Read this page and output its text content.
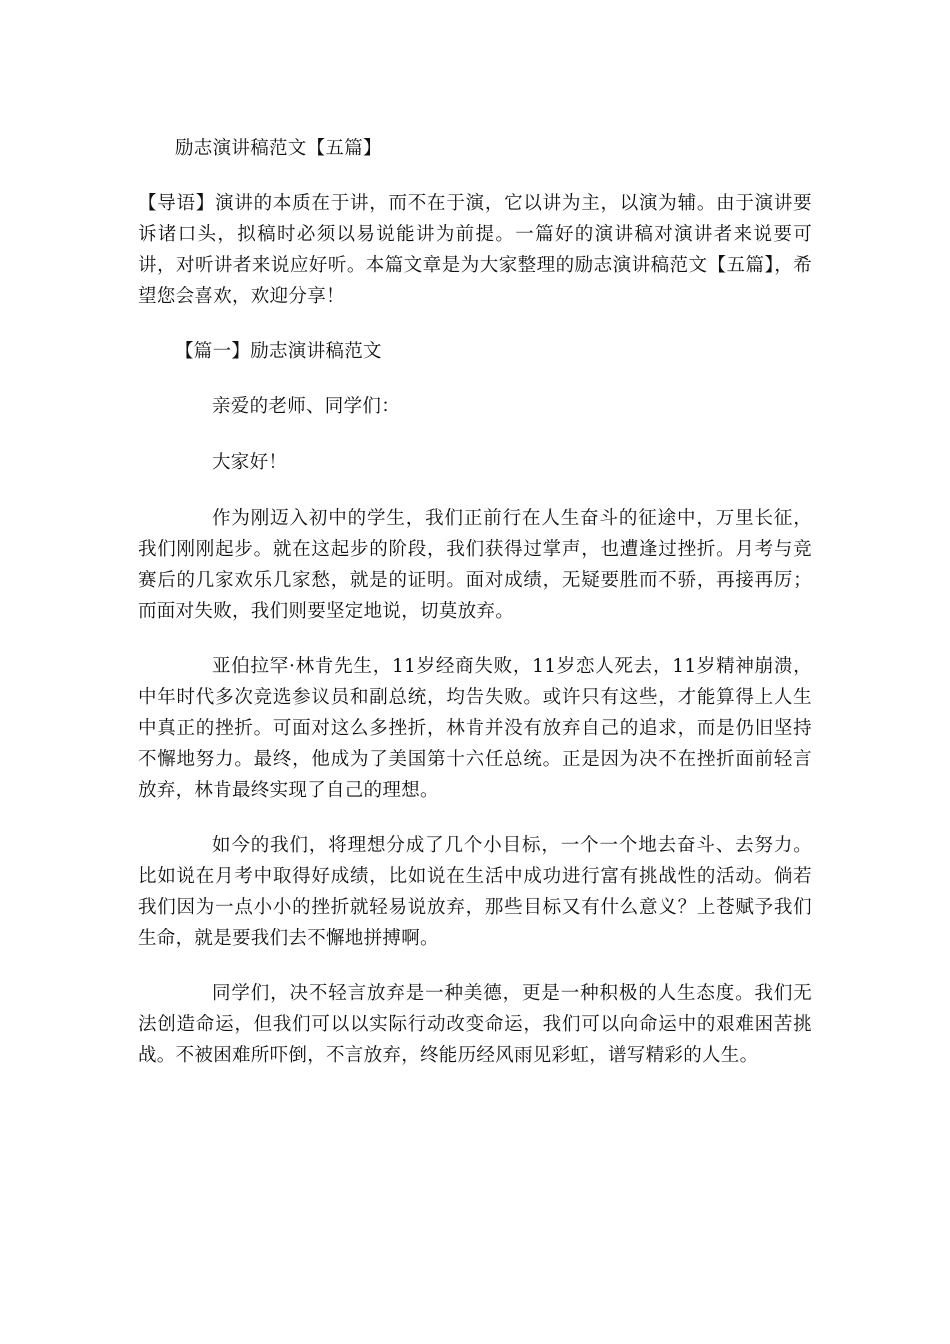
励志演讲稿范文【五篇】

【导语】演讲的本质在于讲，而不在于演，它以讲为主，以演为辅。由于演讲要诉诸口头，拟稿时必须以易说能讲为前提。一篇好的演讲稿对演讲者来说要可讲，对听讲者来说应好听。本篇文章是为大家整理的励志演讲稿范文【五篇】，希望您会喜欢，欢迎分享！

【篇一】励志演讲稿范文

亲爱的老师、同学们：

大家好！

作为刚迈入初中的学生，我们正前行在人生奋斗的征途中，万里长征，我们刚刚起步。就在这起步的阶段，我们获得过掌声，也遭逢过挫折。月考与竞赛后的几家欢乐几家愁，就是的证明。面对成绩，无疑要胜而不骄，再接再厉；而面对失败，我们则要坚定地说，切莫放弃。

亚伯拉罕·林肯先生，11岁经商失败，11岁恋人死去，11岁精神崩溃，中年时代多次竞选参议员和副总统，均告失败。或许只有这些，才能算得上人生中真正的挫折。可面对这么多挫折，林肯并没有放弃自己的追求，而是仍旧坚持不懈地努力。最终，他成为了美国第十六任总统。正是因为决不在挫折面前轻言放弃，林肯最终实现了自己的理想。

如今的我们，将理想分成了几个小目标，一个一个地去奋斗、去努力。比如说在月考中取得好成绩，比如说在生活中成功进行富有挑战性的活动。倘若我们因为一点小小的挫折就轻易说放弃，那些目标又有什么意义？上苍赋予我们生命，就是要我们去不懈地拼搏啊。

同学们，决不轻言放弃是一种美德，更是一种积极的人生态度。我们无法创造命运，但我们可以以实际行动改变命运，我们可以向命运中的艰难困苦挑战。不被困难所吓倒，不言放弃，终能历经风雨见彩虹，谱写精彩的人生。
